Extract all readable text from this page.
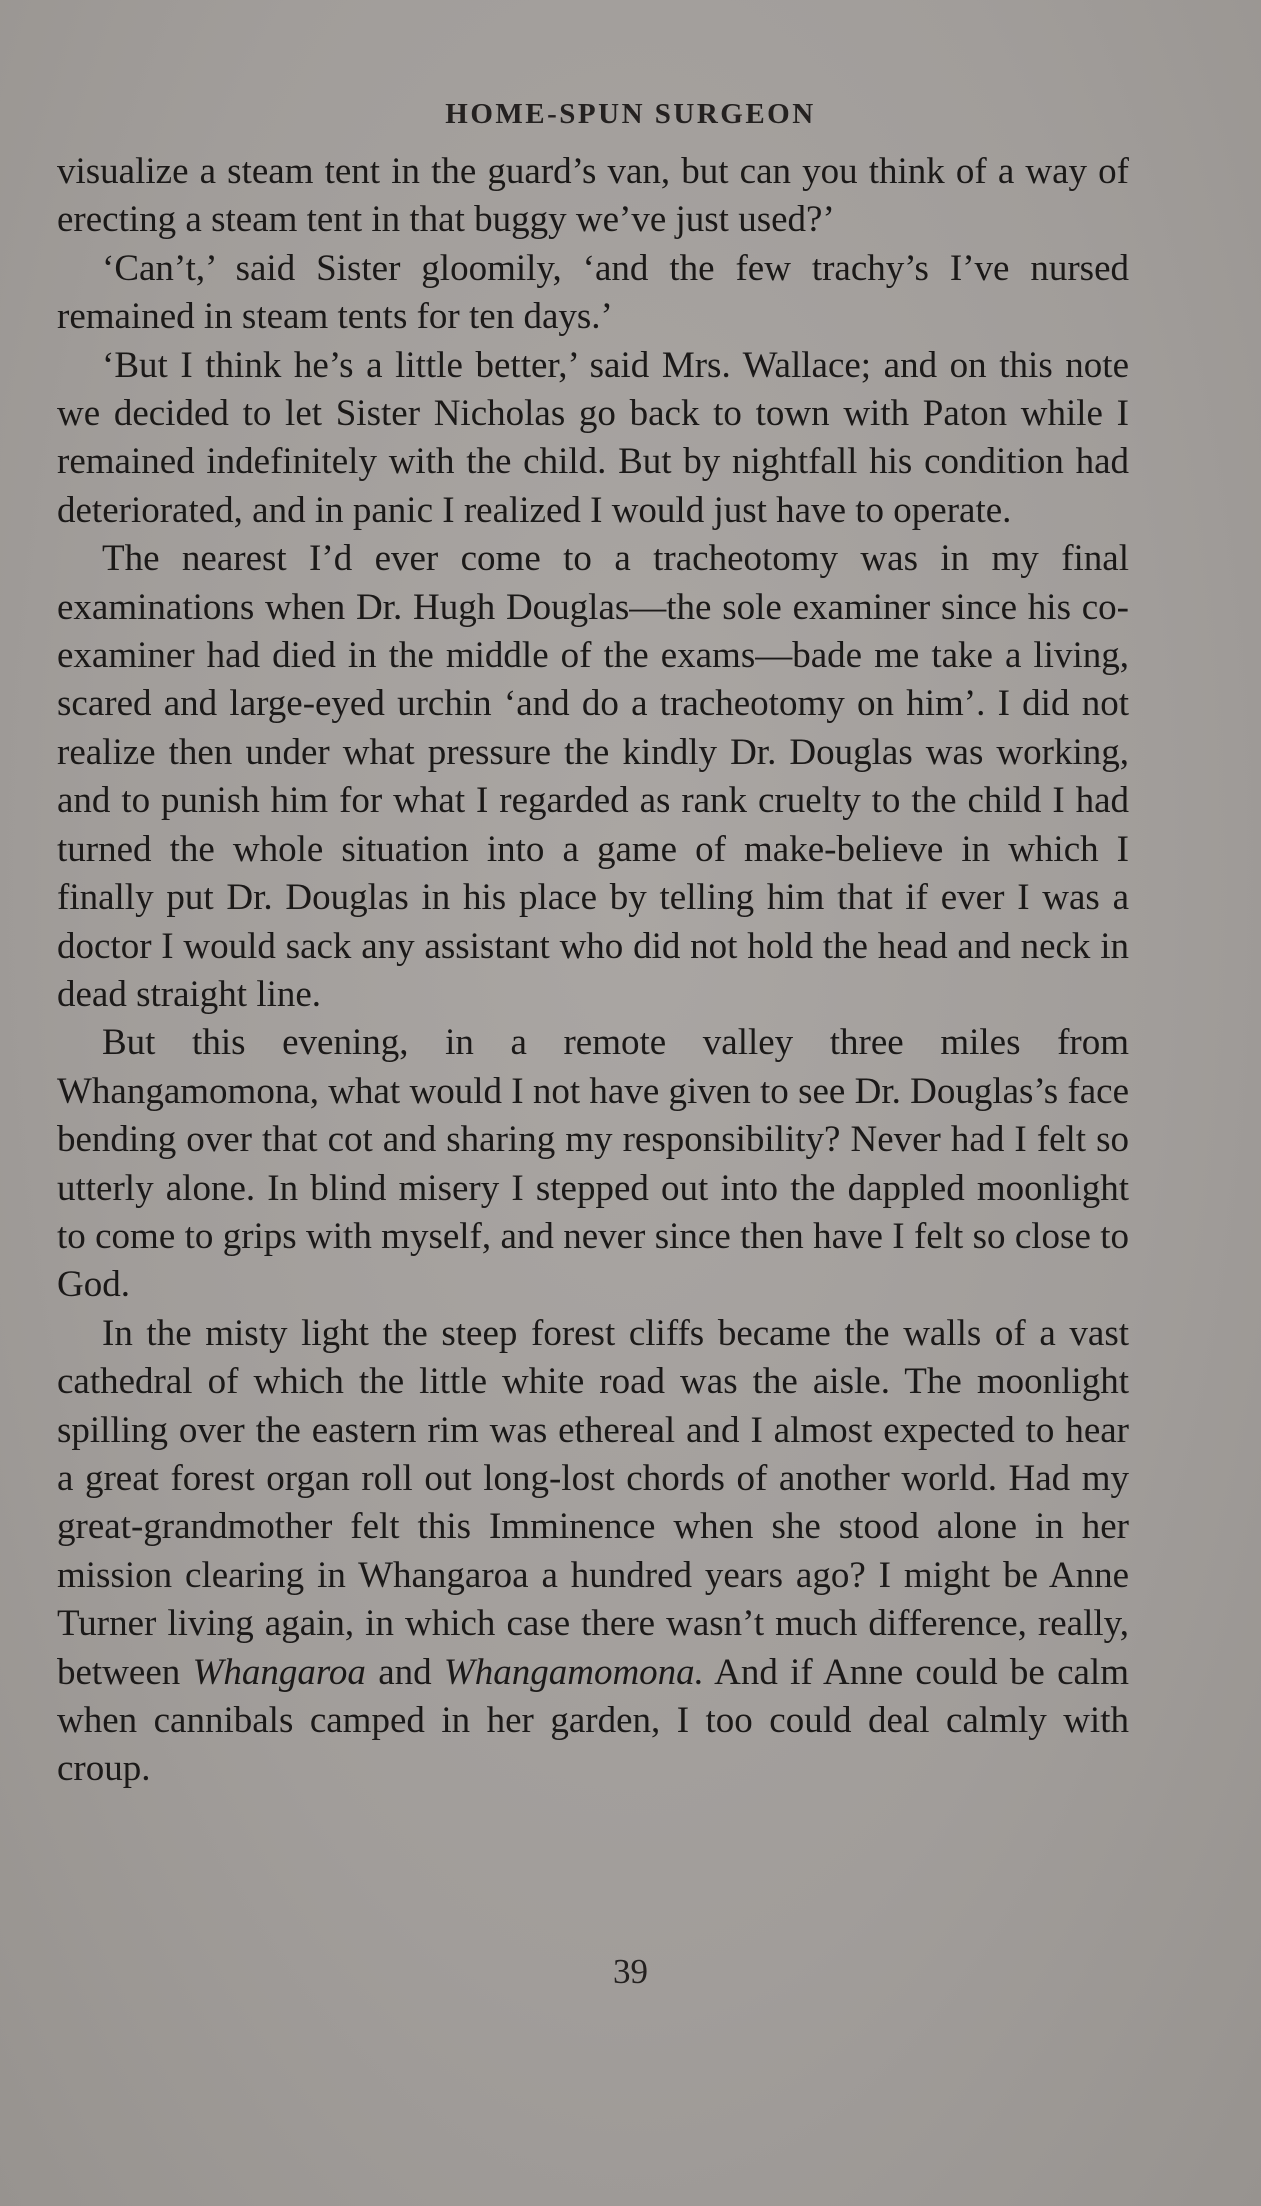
HOME-SPUN SURGEON

visualize a steam tent in the guard’s van, but can you think of a way of erecting a steam tent in that buggy we’ve just used?’

‘Can’t,’ said Sister gloomily, ‘and the few trachy’s I’ve nursed remained in steam tents for ten days.’

‘But I think he’s a little better,’ said Mrs. Wallace; and on this note we decided to let Sister Nicholas go back to town with Paton while I remained indefinitely with the child. But by nightfall his condition had deteriorated, and in panic I realized I would just have to operate.

The nearest I’d ever come to a tracheotomy was in my final examinations when Dr. Hugh Douglas—the sole examiner since his co-examiner had died in the middle of the exams—bade me take a living, scared and large-eyed urchin ‘and do a tracheotomy on him’. I did not realize then under what pressure the kindly Dr. Douglas was working, and to punish him for what I regarded as rank cruelty to the child I had turned the whole situation into a game of make-believe in which I finally put Dr. Douglas in his place by telling him that if ever I was a doctor I would sack any assistant who did not hold the head and neck in dead straight line.

But this evening, in a remote valley three miles from Whangamomona, what would I not have given to see Dr. Douglas’s face bending over that cot and sharing my responsibility? Never had I felt so utterly alone. In blind misery I stepped out into the dappled moonlight to come to grips with myself, and never since then have I felt so close to God.

In the misty light the steep forest cliffs became the walls of a vast cathedral of which the little white road was the aisle. The moonlight spilling over the eastern rim was ethereal and I almost expected to hear a great forest organ roll out long-lost chords of another world. Had my great-grandmother felt this Imminence when she stood alone in her mission clearing in Whangaroa a hundred years ago? I might be Anne Turner living again, in which case there wasn’t much difference, really, between Whangaroa and Whangamomona. And if Anne could be calm when cannibals camped in her garden, I too could deal calmly with croup.

39
